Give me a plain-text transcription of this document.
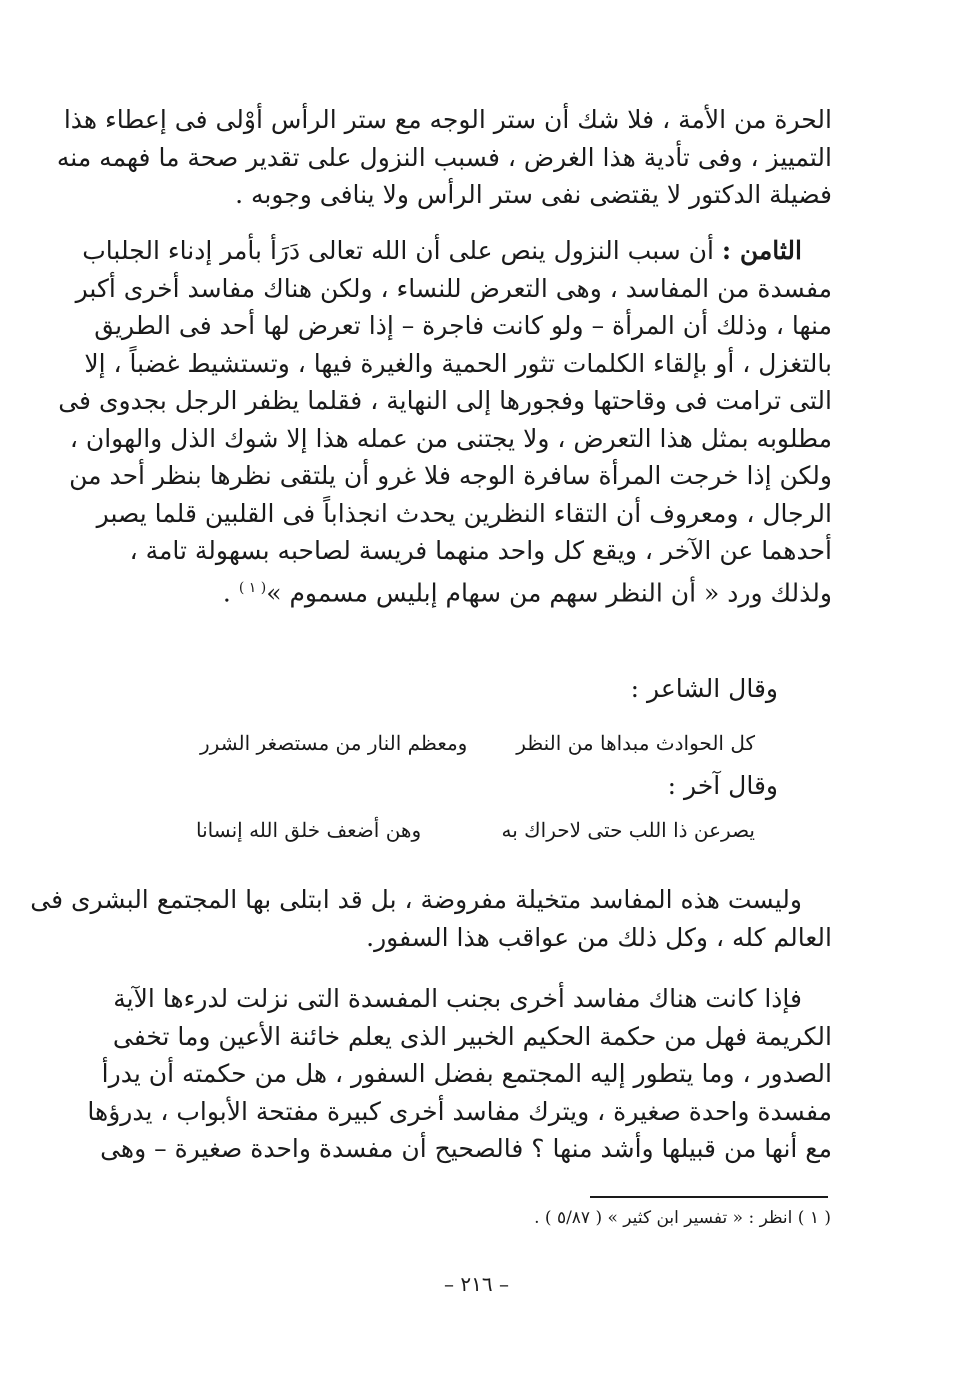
الحرة من الأمة ، فلا شك أن ستر الوجه مع ستر الرأس أوْلى فى إعطاء هذا
التمييز ، وفى تأدية هذا الغرض ، فسبب النزول على تقدير صحة ما فهمه منه
فضيلة الدكتور لا يقتضى نفى ستر الرأس ولا ينافى وجوبه .
الثامن : أن سبب النزول ينص على أن الله تعالى دَرَأ بأمر إدناء الجلباب
مفسدة من المفاسد ، وهى التعرض للنساء ، ولكن هناك مفاسد أخرى أكبر
منها ، وذلك أن المرأة – ولو كانت فاجرة – إذا تعرض لها أحد فى الطريق
بالتغزل ، أو بإلقاء الكلمات تثور الحمية والغيرة فيها ، وتستشيط غضباً ، إلا
التى ترامت فى وقاحتها وفجورها إلى النهاية ، فقلما يظفر الرجل بجدوى فى
مطلوبه بمثل هذا التعرض ، ولا يجتنى من عمله هذا إلا شوك الذل والهوان ،
ولكن إذا خرجت المرأة سافرة الوجه فلا غرو أن يلتقى نظرها بنظر أحد من
الرجال ، ومعروف أن التقاء النظرين يحدث انجذاباً فى القلبين قلما يصبر
أحدهما عن الآخر ، ويقع كل واحد منهما فريسة لصاحبه بسهولة تامة ،
ولذلك ورد « أن النظر سهم من سهام إبليس مسموم »$^{( ١ )}$ .
وقال الشاعر :
كل الحوادث مبداها من النظر
ومعظم النار من مستصغر الشرر
وقال آخر :
يصرعن ذا اللب حتى لاحراك به
وهن أضعف خلق الله إنسانا
وليست هذه المفاسد متخيلة مفروضة ، بل قد ابتلى بها المجتمع البشرى فى
العالم كله ، وكل ذلك من عواقب هذا السفور.
فإذا كانت هناك مفاسد أخرى بجنب المفسدة التى نزلت لدرءها الآية
الكريمة فهل من حكمة الحكيم الخبير الذى يعلم خائنة الأعين وما تخفى
الصدور ، وما يتطور إليه المجتمع بفضل السفور ، هل من حكمته أن يدرأ
مفسدة واحدة صغيرة ، ويترك مفاسد أخرى كبيرة مفتحة الأبواب ، يدرؤها
مع أنها من قبيلها وأشد منها ؟ فالصحيح أن مفسدة واحدة صغيرة – وهى
( ١ ) انظر : « تفسير ابن كثير » ( ٥/٨٧ ) .
– ٢١٦ –
